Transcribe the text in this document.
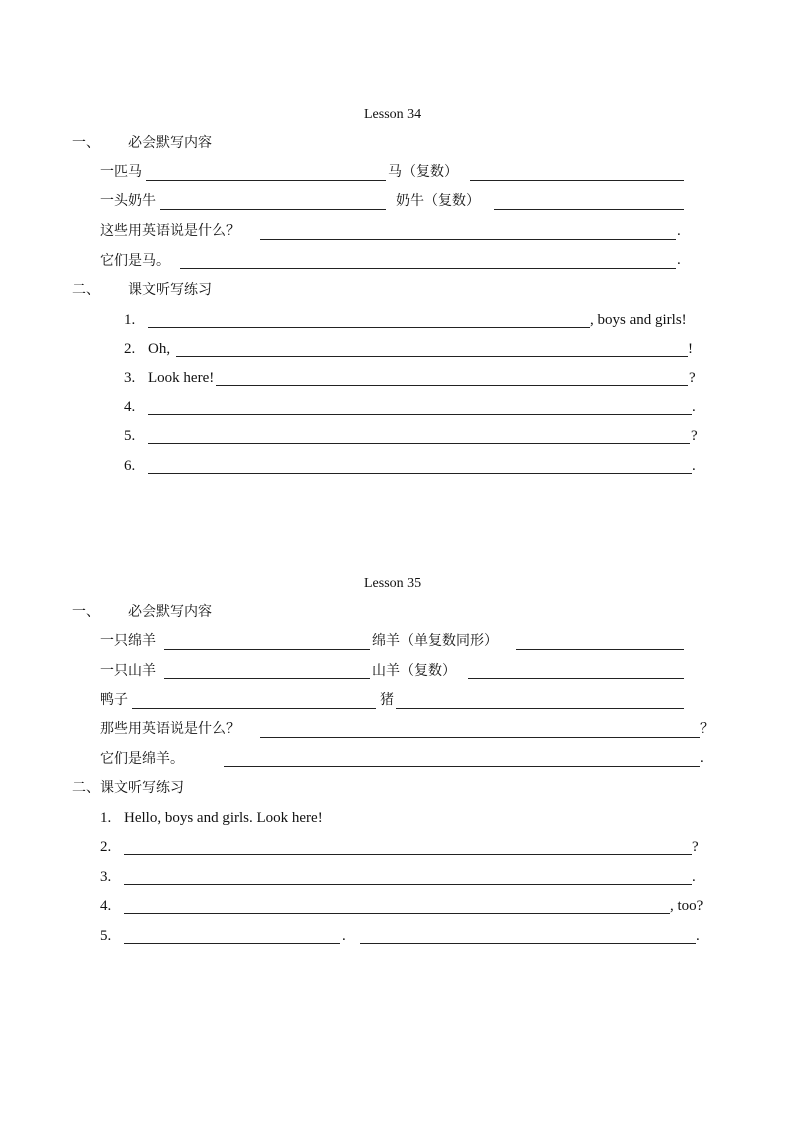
Lesson 34
一、 必会默写内容
一匹马	马（复数）
一头奶牛	奶牛（复数）
这些用英语说是什么？	.
它们是马。	.
二、 课文听写练习
1.	, boys and girls!
2. Oh,	!
3. Look here!	?
4.	.
5.	?
6.	.
Lesson 35
一、 必会默写内容
一只绵羊	绵羊（单复数同形）
一只山羊	山羊（复数）
鸭子	猪
那些用英语说是什么？	？
它们是绵羊。	.
二、课文听写练习
1. Hello, boys and girls. Look here!
2.	?
3.	.
4.	, too?
5.	.	.
